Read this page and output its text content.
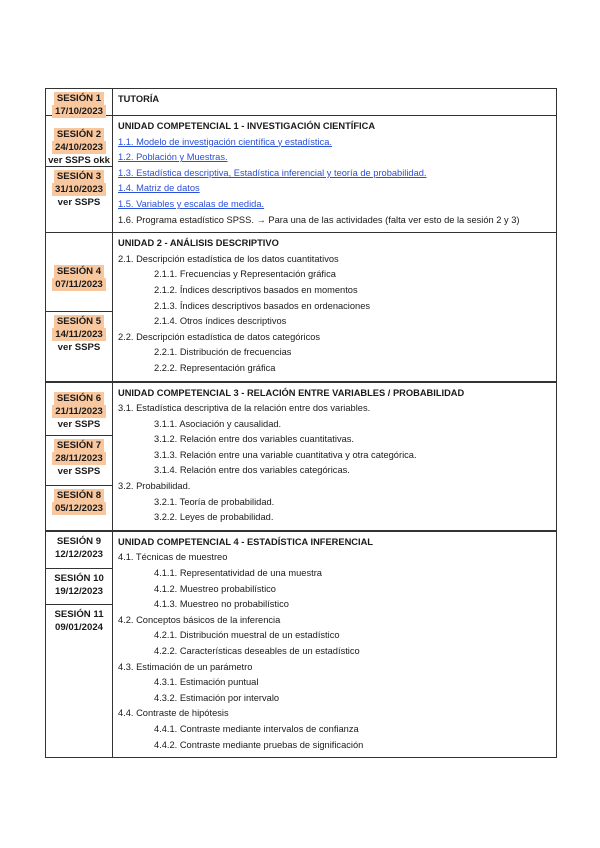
SESIÓN 1
17/10/2023
TUTORÍA
SESIÓN 2
24/10/2023
ver SSPS okk
SESIÓN 3
31/10/2023
ver SSPS
UNIDAD COMPETENCIAL 1 - INVESTIGACIÓN CIENTÍFICA
1.1. Modelo de investigación científica y estadística.
1.2. Población y Muestras.
1.3. Estadística descriptiva, Estadística inferencial y teoría de probabilidad.
1.4. Matriz de datos
1.5. Variables y escalas de medida.
1.6. Programa estadístico SPSS. → Para una de las actividades (falta ver esto de la sesión 2 y 3)
SESIÓN 4
07/11/2023
SESIÓN 5
14/11/2023
ver SSPS
UNIDAD 2 - ANÁLISIS DESCRIPTIVO
2.1. Descripción estadística de los datos cuantitativos
2.1.1. Frecuencias y Representación gráfica
2.1.2. Índices descriptivos basados en momentos
2.1.3. Índices descriptivos basados en ordenaciones
2.1.4. Otros índices descriptivos
2.2. Descripción estadística de datos categóricos
2.2.1. Distribución de frecuencias
2.2.2. Representación gráfica
SESIÓN 6
21/11/2023
ver SSPS
SESIÓN 7
28/11/2023
ver SSPS
SESIÓN 8
05/12/2023
UNIDAD COMPETENCIAL 3 - RELACIÓN ENTRE VARIABLES / PROBABILIDAD
3.1. Estadística descriptiva de la relación entre dos variables.
3.1.1. Asociación y causalidad.
3.1.2. Relación entre dos variables cuantitativas.
3.1.3. Relación entre una variable cuantitativa y otra categórica.
3.1.4. Relación entre dos variables categóricas.
3.2. Probabilidad.
3.2.1. Teoría de probabilidad.
3.2.2. Leyes de probabilidad.
SESIÓN 9
12/12/2023
SESIÓN 10
19/12/2023
SESIÓN 11
09/01/2024
UNIDAD COMPETENCIAL 4 - ESTADÍSTICA INFERENCIAL
4.1. Técnicas de muestreo
4.1.1. Representatividad de una muestra
4.1.2. Muestreo probabilístico
4.1.3. Muestreo no probabilístico
4.2. Conceptos básicos de la inferencia
4.2.1. Distribución muestral de un estadístico
4.2.2. Características deseables de un estadístico
4.3. Estimación de un parámetro
4.3.1. Estimación puntual
4.3.2. Estimación por intervalo
4.4. Contraste de hipótesis
4.4.1. Contraste mediante intervalos de confianza
4.4.2. Contraste mediante pruebas de significación
